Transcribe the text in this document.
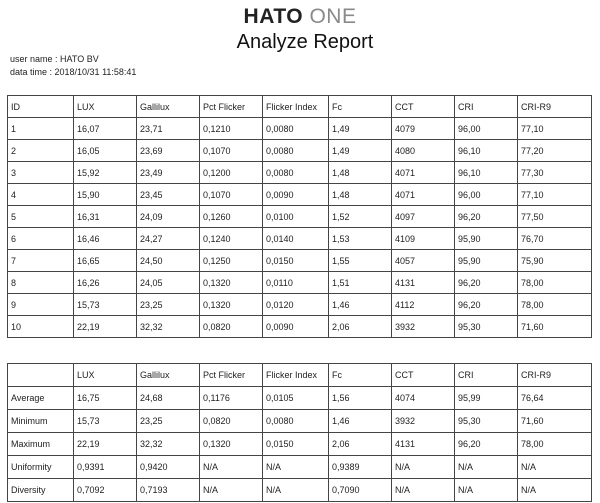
HATO ONE
Analyze Report
user name : HATO BV
data time : 2018/10/31 11:58:41
ID	LUX	Gallilux	Pct Flicker	Flicker Index	Fc	CCT	CRI	CRI-R9
1	16,07	23,71	0,1210	0,0080	1,49	4079	96,00	77,10
2	16,05	23,69	0,1070	0,0080	1,49	4080	96,10	77,20
3	15,92	23,49	0,1200	0,0080	1,48	4071	96,10	77,30
4	15,90	23,45	0,1070	0,0090	1,48	4071	96,00	77,10
5	16,31	24,09	0,1260	0,0100	1,52	4097	96,20	77,50
6	16,46	24,27	0,1240	0,0140	1,53	4109	95,90	76,70
7	16,65	24,50	0,1250	0,0150	1,55	4057	95,90	75,90
8	16,26	24,05	0,1320	0,0110	1,51	4131	96,20	78,00
9	15,73	23,25	0,1320	0,0120	1,46	4112	96,20	78,00
10	22,19	32,32	0,0820	0,0090	2,06	3932	95,30	71,60
	LUX	Gallilux	Pct Flicker	Flicker Index	Fc	CCT	CRI	CRI-R9
Average	16,75	24,68	0,1176	0,0105	1,56	4074	95,99	76,64
Minimum	15,73	23,25	0,0820	0,0080	1,46	3932	95,30	71,60
Maximum	22,19	32,32	0,1320	0,0150	2,06	4131	96,20	78,00
Uniformity	0,9391	0,9420	N/A	N/A	0,9389	N/A	N/A	N/A
Diversity	0,7092	0,7193	N/A	N/A	0,7090	N/A	N/A	N/A
